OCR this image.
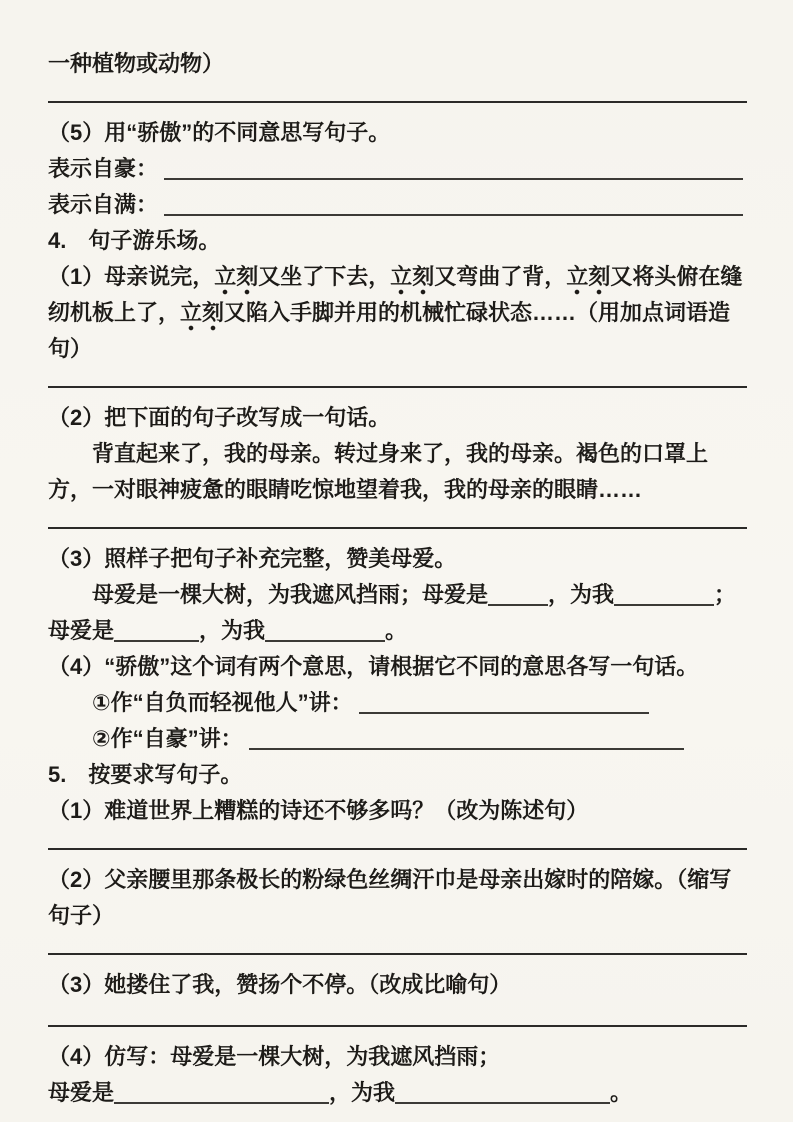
一种植物或动物）

（5）用“骄傲”的不同意思写句子。

表示自豪：
表示自满：

4.　句子游乐场。

（1）母亲说完，立刻又坐了下去，立刻又弯曲了背，立刻又将头俯在缝纫机板上了，立刻又陷入手脚并用的机械忙碌状态……（用加点词语造句）

（2）把下面的句子改写成一句话。

背直起来了，我的母亲。转过身来了，我的母亲。褐色的口罩上方，一对眼神疲惫的眼睛吃惊地望着我，我的母亲的眼睛……

（3）照样子把句子补充完整，赞美母爱。

母爱是一棵大树，为我遮风挡雨；母爱是	，为我	；

母爱是	，为我	。

（4）“骄傲”这个词有两个意思，请根据它不同的意思各写一句话。

①作“自负而轻视他人”讲：

②作“自豪”讲：

5.　按要求写句子。

（1）难道世界上糟糕的诗还不够多吗？（改为陈述句）

（2）父亲腰里那条极长的粉绿色丝绸汗巾是母亲出嫁时的陪嫁。（缩写句子）

（3）她搂住了我，赞扬个不停。（改成比喻句）

（4）仿写：母爱是一棵大树，为我遮风挡雨；

母爱是	，为我	。
